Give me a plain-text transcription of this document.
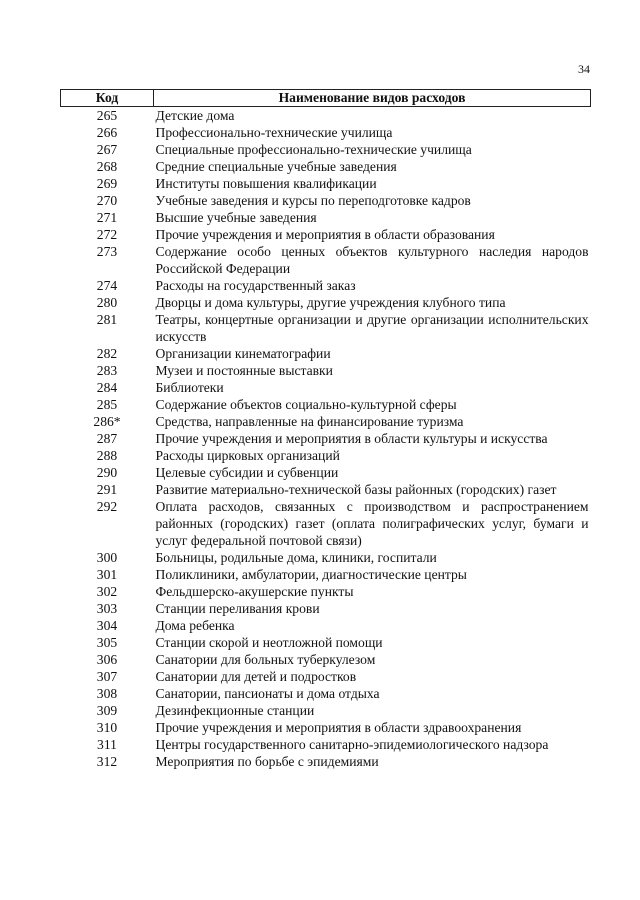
34
Код	Наименование видов расходов
265	Детские дома
266	Профессионально-технические училища
267	Специальные профессионально-технические училища
268	Средние специальные учебные заведения
269	Институты повышения квалификации
270	Учебные заведения и курсы по переподготовке кадров
271	Высшие учебные заведения
272	Прочие учреждения и мероприятия в области образования
273	Содержание особо ценных объектов культурного наследия народов Российской Федерации
274	Расходы на государственный заказ
280	Дворцы и дома культуры, другие учреждения клубного типа
281	Театры, концертные организации и другие организации исполнительских искусств
282	Организации кинематографии
283	Музеи и постоянные выставки
284	Библиотеки
285	Содержание объектов социально-культурной сферы
286*	Средства, направленные на финансирование туризма
287	Прочие учреждения и мероприятия в области культуры и искусства
288	Расходы цирковых организаций
290	Целевые субсидии и субвенции
291	Развитие материально-технической базы районных (городских) газет
292	Оплата расходов, связанных с производством и распространением районных (городских) газет (оплата полиграфических услуг, бумаги и услуг федеральной почтовой связи)
300	Больницы, родильные дома, клиники, госпитали
301	Поликлиники, амбулатории, диагностические центры
302	Фельдшерско-акушерские пункты
303	Станции переливания крови
304	Дома ребенка
305	Станции скорой и неотложной помощи
306	Санатории для больных туберкулезом
307	Санатории для детей и подростков
308	Санатории, пансионаты и дома отдыха
309	Дезинфекционные станции
310	Прочие учреждения и мероприятия в области здравоохранения
311	Центры государственного санитарно-эпидемиологического надзора
312	Мероприятия по борьбе с эпидемиями
